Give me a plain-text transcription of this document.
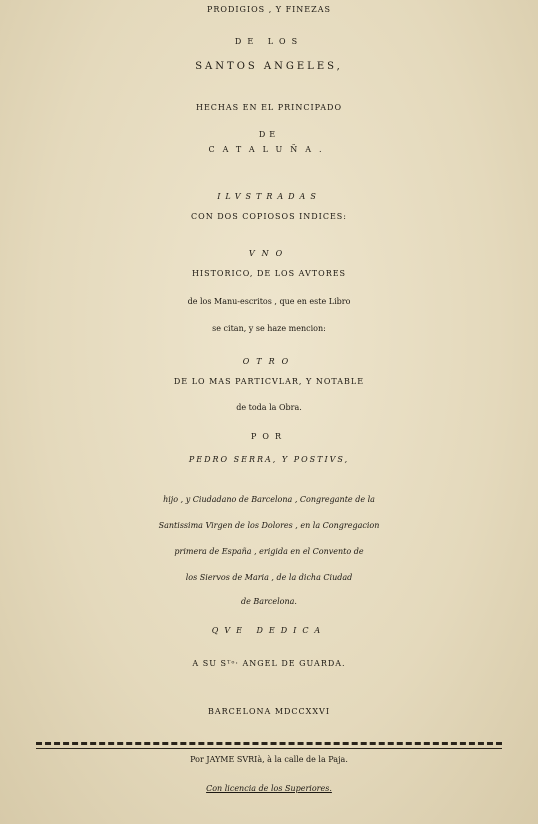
PRODIGIOS , Y FINEZAS
DE LOS
SANTOS ANGELES,
HECHAS EN EL PRINCIPADO
DE
CATALUÑA.
ILVSTRADAS
CON DOS COPIOSOS INDICES:
VNO
HISTORICO, DE LOS AVTORES
de los Manu-escritos , que en este Libro
se citan, y se haze mencion:
OTRO
DE LO MAS PARTICVLAR, Y NOTABLE
de toda la Obra.
POR
PEDRO SERRA, Y POSTIVS,
hijo , y Ciudadano de Barcelona , Congregante de la
Santissima Virgen de los Dolores , en la Congregacion
primera de España , erigida en el Convento de
los Siervos de Maria , de la dicha Ciudad
de Barcelona.
QVE DEDICA
A SU Sᵀᵒ· ANGEL DE GUARDA.
BARCELONA MDCCXXVI
Por JAYME SVRIà, à la calle de la Paja.
Con licencia de los Superiores.
